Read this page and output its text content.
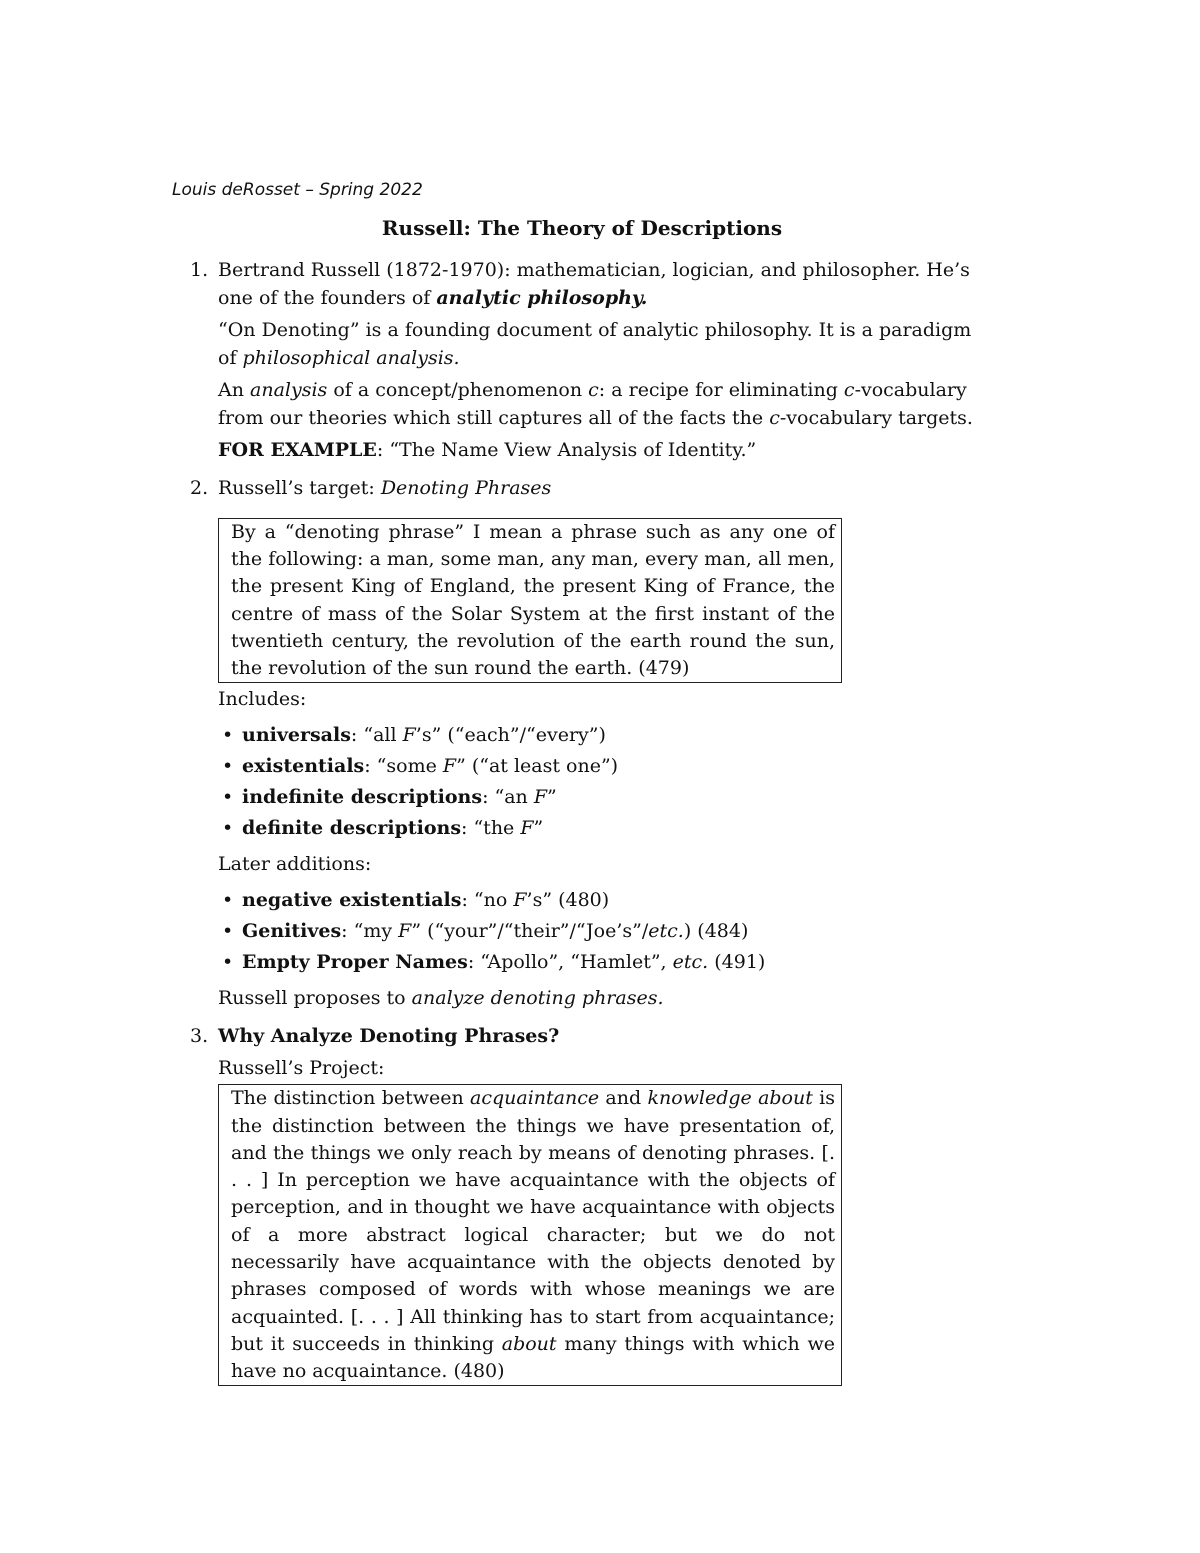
Louis deRosset – Spring 2022
Russell: The Theory of Descriptions
1. Bertrand Russell (1872-1970): mathematician, logician, and philosopher. He’s one of the founders of analytic philosophy.
“On Denoting” is a founding document of analytic philosophy. It is a paradigm of philosophical analysis.
An analysis of a concept/phenomenon c: a recipe for eliminating c-vocabulary from our theories which still captures all of the facts the c-vocabulary targets.
FOR EXAMPLE: “The Name View Analysis of Identity.”
2. Russell’s target: Denoting Phrases
By a “denoting phrase” I mean a phrase such as any one of the following: a man, some man, any man, every man, all men, the present King of England, the present King of France, the centre of mass of the Solar System at the first instant of the twentieth century, the revolution of the earth round the sun, the revolution of the sun round the earth. (479)
Includes:
• universals: “all F’s” (“each”/“every”)
• existentials: “some F” (“at least one”)
• indefinite descriptions: “an F”
• definite descriptions: “the F”
Later additions:
• negative existentials: “no F’s” (480)
• Genitives: “my F” (“your”/“their”/“Joe’s”/etc.) (484)
• Empty Proper Names: “Apollo”, “Hamlet”, etc. (491)
Russell proposes to analyze denoting phrases.
3. Why Analyze Denoting Phrases?
Russell’s Project:
The distinction between acquaintance and knowledge about is the distinction between the things we have presentation of, and the things we only reach by means of denoting phrases. [. . . ] In perception we have acquaintance with the objects of perception, and in thought we have acquaintance with objects of a more abstract logical character; but we do not necessarily have acquaintance with the objects denoted by phrases composed of words with whose meanings we are acquainted. [. . . ] All thinking has to start from acquaintance; but it succeeds in thinking about many things with which we have no acquaintance. (480)
